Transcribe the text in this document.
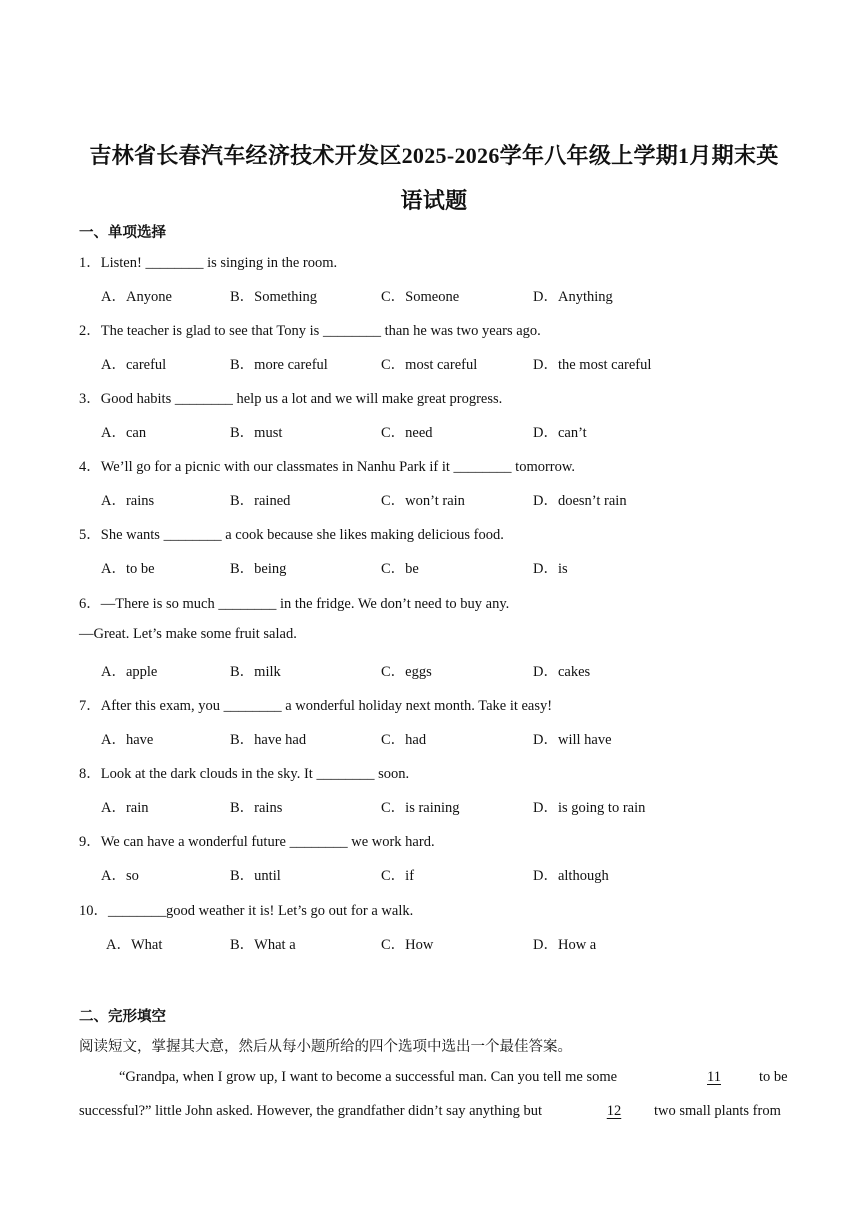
吉林省长春汽车经济技术开发区2025-2026学年八年级上学期1月期末英
语试题
一、单项选择
1．Listen! ________ is singing in the room.
A．Anyone	B．Something	C．Someone	D．Anything
2．The teacher is glad to see that Tony is ________ than he was two years ago.
A．careful	B．more careful	C．most careful	D．the most careful
3．Good habits ________ help us a lot and we will make great progress.
A．can	B．must	C．need	D．can’t
4．We’ll go for a picnic with our classmates in Nanhu Park if it ________ tomorrow.
A．rains	B．rained	C．won’t rain	D．doesn’t rain
5．She wants ________ a cook because she likes making delicious food.
A．to be	B．being	C．be	D．is
6．—There is so much ________ in the fridge. We don’t need to buy any.
—Great. Let’s make some fruit salad.
A．apple	B．milk	C．eggs	D．cakes
7．After this exam, you ________ a wonderful holiday next month. Take it easy!
A．have	B．have had	C．had	D．will have
8．Look at the dark clouds in the sky. It ________ soon.
A．rain	B．rains	C．is raining	D．is going to rain
9．We can have a wonderful future ________ we work hard.
A．so	B．until	C．if	D．although
10．________good weather it is! Let’s go out for a walk.
A．What	B．What a	C．How	D．How a
二、完形填空
阅读短文，掌握其大意，然后从每小题所给的四个选项中选出一个最佳答案。
“Grandpa, when I grow up, I want to become a successful man. Can you tell me some	11	to be
successful?” little John asked. However, the grandfather didn’t say anything but	12	two small plants from
